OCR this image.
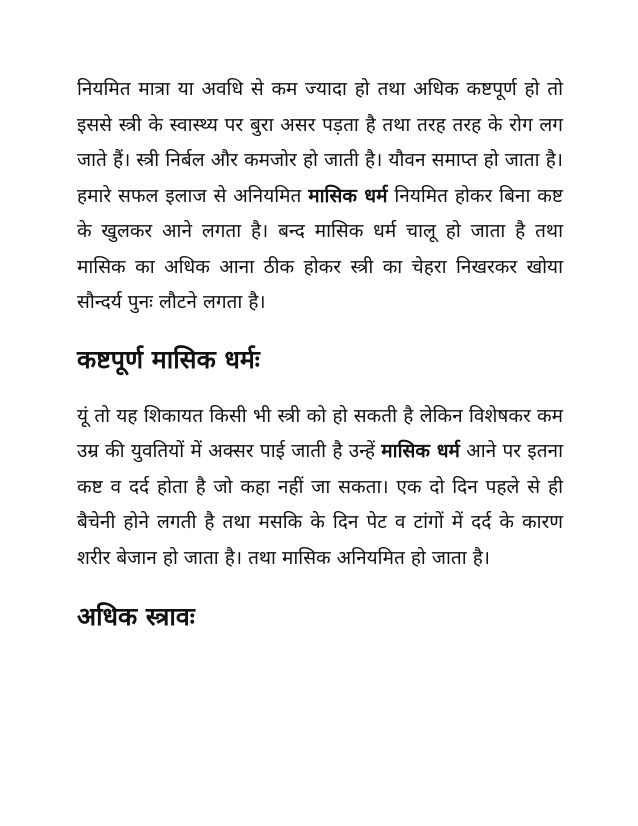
नियमित मात्रा या अवधि से कम ज्यादा हो तथा अधिक कष्टपूर्ण हो तो इससे स्त्री के स्वास्थ्य पर बुरा असर पड़ता है तथा तरह तरह के रोग लग जाते हैं। स्त्री निर्बल और कमजोर हो जाती है। यौवन समाप्त हो जाता है। हमारे सफल इलाज से अनियमित मासिक धर्म नियमित होकर बिना कष्ट के खुलकर आने लगता है। बन्द मासिक धर्म चालू हो जाता है तथा मासिक का अधिक आना ठीक होकर स्त्री का चेहरा निखरकर खोया सौन्दर्य पुनः लौटने लगता है।

कष्टपूर्ण मासिक धर्मः

यूं तो यह शिकायत किसी भी स्त्री को हो सकती है लेकिन विशेषकर कम उम्र की युवतियों में अक्सर पाई जाती है उन्हें मासिक धर्म आने पर इतना कष्ट व दर्द होता है जो कहा नहीं जा सकता। एक दो दिन पहले से ही बैचेनी होने लगती है तथा मसकि के दिन पेट व टांगों में दर्द के कारण शरीर बेजान हो जाता है। तथा मासिक अनियमित हो जाता है।

अधिक स्त्रावः
